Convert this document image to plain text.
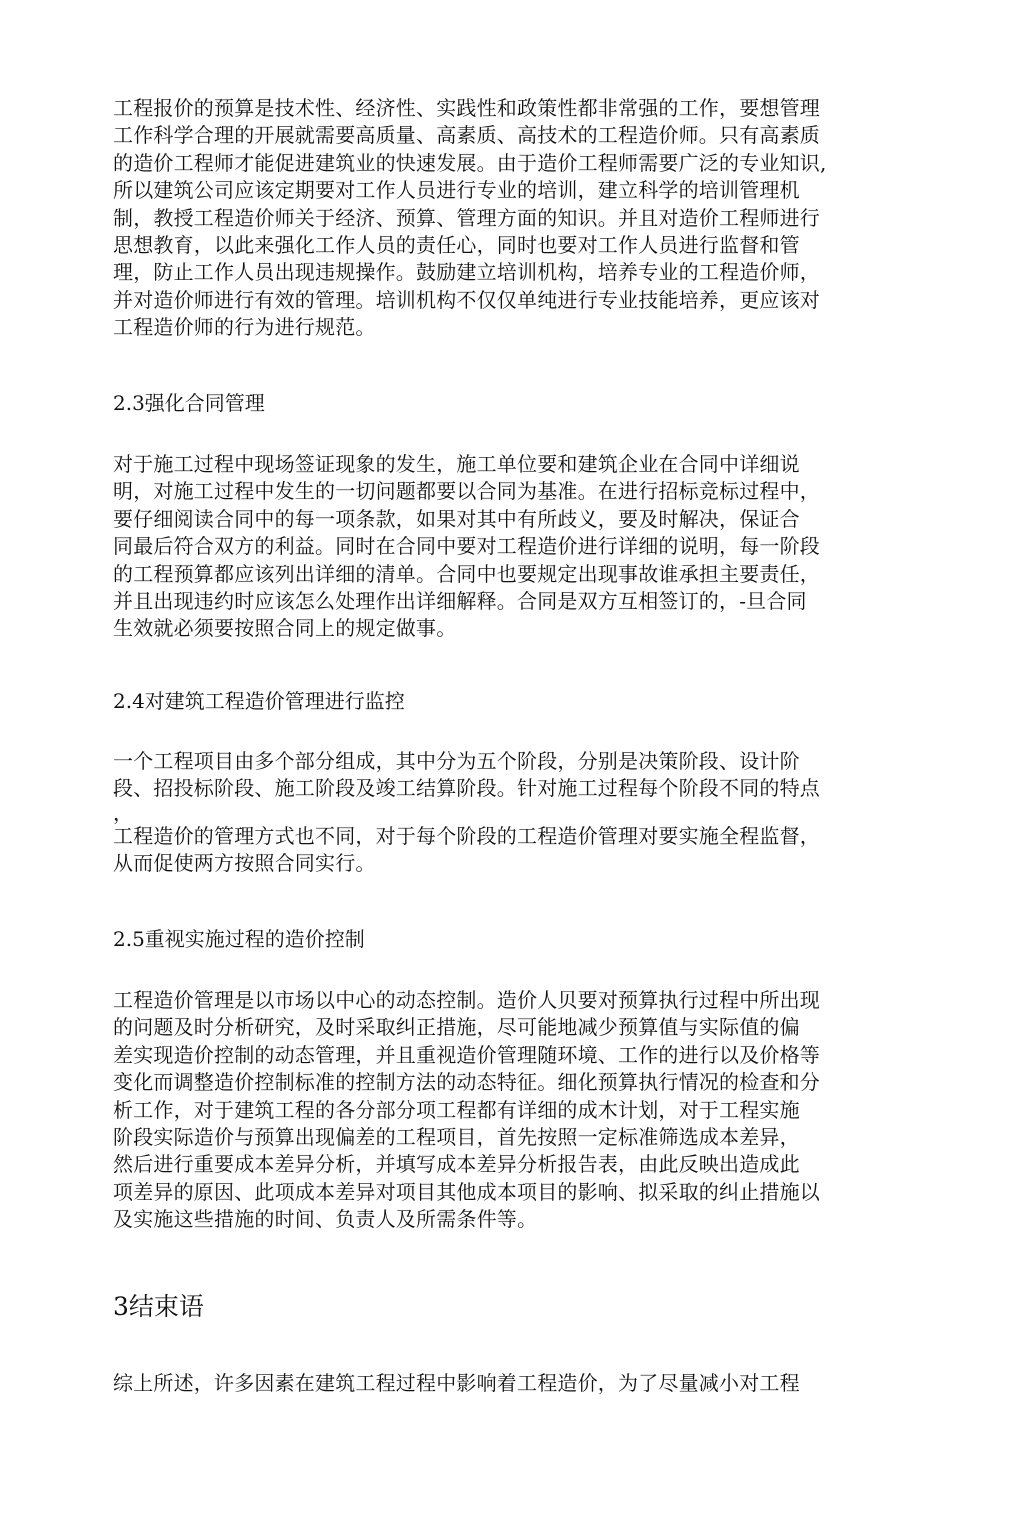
工程报价的预算是技术性、经济性、实践性和政策性都非常强的工作，要想管理
工作科学合理的开展就需要高质量、高素质、高技术的工程造价师。只有高素质
的造价工程师才能促进建筑业的快速发展。由于造价工程师需要广泛的专业知识,
所以建筑公司应该定期要对工作人员进行专业的培训，建立科学的培训管理机
制，教授工程造价师关于经济、预算、管理方面的知识。并且对造价工程师进行
思想教育，以此来强化工作人员的责任心，同时也要对工作人员进行监督和管
理，防止工作人员出现违规操作。鼓励建立培训机构，培养专业的工程造价师，
并对造价师进行有效的管理。培训机构不仅仅单纯进行专业技能培养，更应该对
工程造价师的行为进行规范。
2.3强化合同管理
对于施工过程中现场签证现象的发生，施工单位要和建筑企业在合同中详细说
明，对施工过程中发生的一切问题都要以合同为基准。在进行招标竞标过程中，
要仔细阅读合同中的每一项条款，如果对其中有所歧义，要及时解决，保证合
同最后符合双方的利益。同时在合同中要对工程造价进行详细的说明，每一阶段
的工程预算都应该列出详细的清单。合同中也要规定出现事故谁承担主要责任，
并且出现违约时应该怎么处理作出详细解释。合同是双方互相签订的，-旦合同
生效就必须要按照合同上的规定做事。
2.4对建筑工程造价管理进行监控
一个工程项目由多个部分组成，其中分为五个阶段，分别是决策阶段、设计阶
段、招投标阶段、施工阶段及竣工结算阶段。针对施工过程每个阶段不同的特点
，
工程造价的管理方式也不同，对于每个阶段的工程造价管理对要实施全程监督，
从而促使两方按照合同实行。
2.5重视实施过程的造价控制
工程造价管理是以市场以中心的动态控制。造价人贝要对预算执行过程中所出现
的问题及时分析研究，及时采取纠正措施，尽可能地减少预算值与实际值的偏
差实现造价控制的动态管理，并且重视造价管理随环境、工作的进行以及价格等
变化而调整造价控制标准的控制方法的动态特征。细化预算执行情况的检查和分
析工作，对于建筑工程的各分部分项工程都有详细的成木计划，对于工程实施
阶段实际造价与预算出现偏差的工程项目，首先按照一定标准筛选成本差异，
然后进行重要成本差异分析，并填写成本差异分析报告表，由此反映出造成此
项差异的原因、此项成本差异对项目其他成本项目的影响、拟采取的纠止措施以
及实施这些措施的时间、负责人及所需条件等。
3结束语
综上所述，许多因素在建筑工程过程中影响着工程造价，为了尽量减小对工程
